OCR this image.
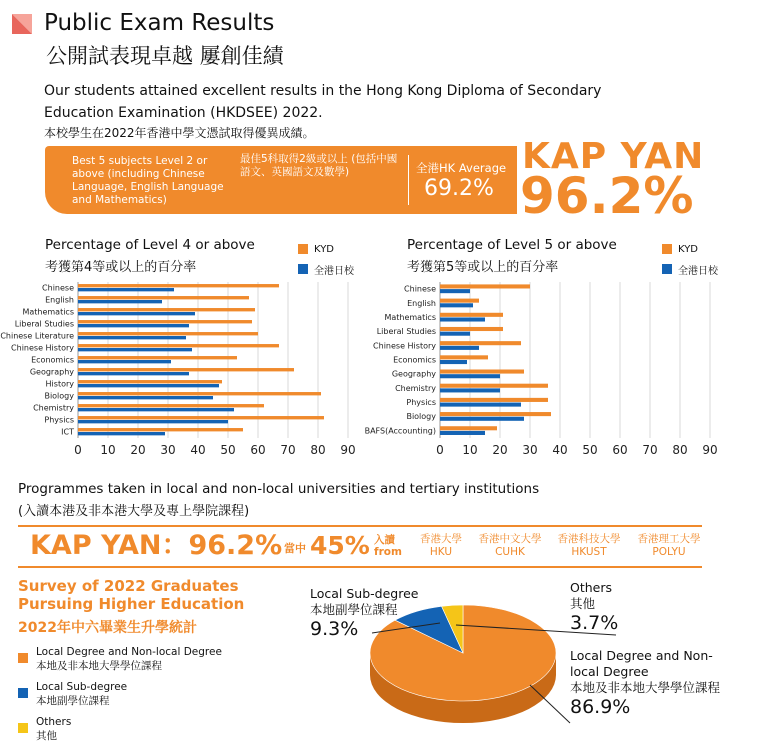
Public Exam Results
公開試表現卓越 屢創佳績
Our students attained excellent results in the Hong Kong Diploma of Secondary Education Examination (HKDSEE) 2022.
本校學生在2022年香港中學文憑試取得優異成績。
Best 5 subjects Level 2 or above (including Chinese Language, English Language and Mathematics)
最佳5科取得2級或以上 (包括中國語文、英國語文及數學)	全港HK Average
69.2%
KAP YAN
96.2%
Percentage of Level 4 or above
考獲第4等或以上的百分率
KYD
全港日校
0 10 20 30 40 50 60 70 80 90
Chinese
English
Mathematics
Liberal Studies
Chinese Literature
Chinese History
Economics
Geography
History
Biology
Chemistry
Physics
ICT
Percentage of Level 5 or above
考獲第5等或以上的百分率
KYD
全港日校
0 10 20 30 40 50 60 70 80 90
Chinese
English
Mathematics
Liberal Studies
Chinese History
Economics
Geography
Chemistry
Physics
Biology
BAFS(Accounting)
Programmes taken in local and non-local universities and tertiary institutions
(入讀本港及非本港大學及專上學院課程)
KAP YAN：96.2% 當中 45% 入讀
from
香港大學
HKU
香港中文大學
CUHK
香港科技大學
HKUST
香港理工大學
POLYU
Survey of 2022 Graduates Pursuing Higher Education
2022年中六畢業生升學統計
Local Degree and Non-local Degree
本地及非本地大學學位課程
Local Sub-degree
本地副學位課程
Others
其他
Local Sub-degree
本地副學位課程
9.3%
Others
其他
3.7%
Local Degree and Non-local Degree
本地及非本地大學學位課程
86.9%
